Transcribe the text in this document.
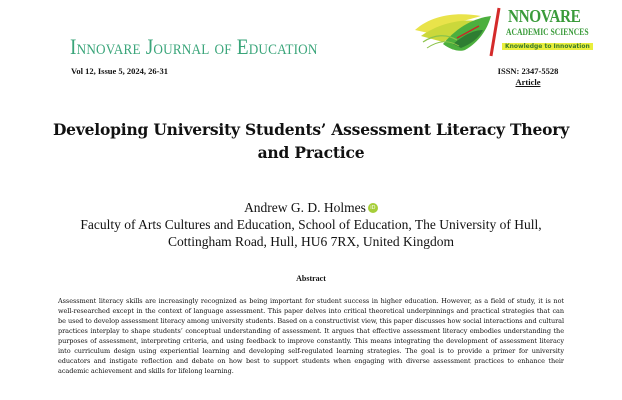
Innovare Journal of Education
Vol 12, Issue 5, 2024, 26-31
NNOVARE
ACADEMIC SCIENCES
Knowledge to Innovation
ISSN: 2347-5528
Article
Developing University Students’ Assessment Literacy Theory and Practice
Andrew G. D. Holmes iD
Faculty of Arts Cultures and Education, School of Education, The University of Hull,
Cottingham Road, Hull, HU6 7RX, United Kingdom
Abstract
Assessment literacy skills are increasingly recognized as being important for student success in higher education. However, as a field of study, it is not well-researched except in the context of language assessment. This paper delves into critical theoretical underpinnings and practical strategies that can be used to develop assessment literacy among university students. Based on a constructivist view, this paper discusses how social interactions and cultural practices interplay to shape students’ conceptual understanding of assessment. It argues that effective assessment literacy embodies understanding the purposes of assessment, interpreting criteria, and using feedback to improve constantly. This means integrating the development of assessment literacy into curriculum design using experiential learning and developing self-regulated learning strategies. The goal is to provide a primer for university educators and instigate reflection and debate on how best to support students when engaging with diverse assessment practices to enhance their academic achievement and skills for lifelong learning.
